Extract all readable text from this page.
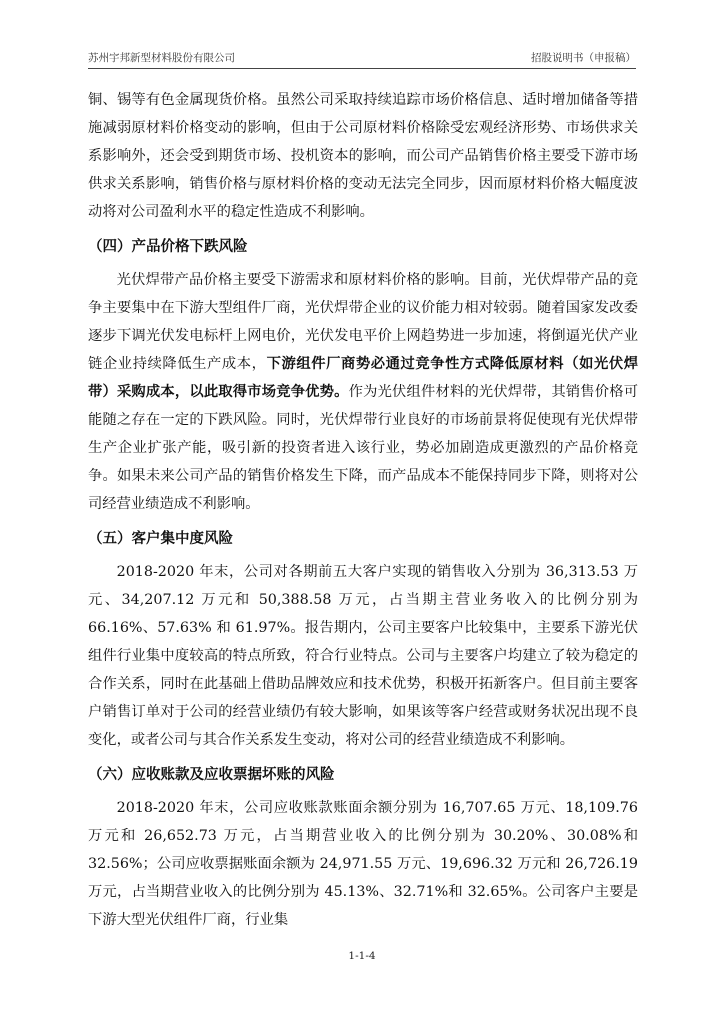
苏州宇邦新型材料股份有限公司	招股说明书（申报稿）

铜、锡等有色金属现货价格。虽然公司采取持续追踪市场价格信息、适时增加储备等措施减弱原材料价格变动的影响，但由于公司原材料价格除受宏观经济形势、市场供求关系影响外，还会受到期货市场、投机资本的影响，而公司产品销售价格主要受下游市场供求关系影响，销售价格与原材料价格的变动无法完全同步，因而原材料价格大幅度波动将对公司盈利水平的稳定性造成不利影响。

（四）产品价格下跌风险

光伏焊带产品价格主要受下游需求和原材料价格的影响。目前，光伏焊带产品的竞争主要集中在下游大型组件厂商，光伏焊带企业的议价能力相对较弱。随着国家发改委逐步下调光伏发电标杆上网电价，光伏发电平价上网趋势进一步加速，将倒逼光伏产业链企业持续降低生产成本，下游组件厂商势必通过竞争性方式降低原材料（如光伏焊带）采购成本，以此取得市场竞争优势。作为光伏组件材料的光伏焊带，其销售价格可能随之存在一定的下跌风险。同时，光伏焊带行业良好的市场前景将促使现有光伏焊带生产企业扩张产能，吸引新的投资者进入该行业，势必加剧造成更激烈的产品价格竞争。如果未来公司产品的销售价格发生下降，而产品成本不能保持同步下降，则将对公司经营业绩造成不利影响。

（五）客户集中度风险

2018-2020 年末，公司对各期前五大客户实现的销售收入分别为 36,313.53 万元、34,207.12 万元和 50,388.58 万元，占当期主营业务收入的比例分别为 66.16%、57.63% 和 61.97%。报告期内，公司主要客户比较集中，主要系下游光伏组件行业集中度较高的特点所致，符合行业特点。公司与主要客户均建立了较为稳定的合作关系，同时在此基础上借助品牌效应和技术优势，积极开拓新客户。但目前主要客户销售订单对于公司的经营业绩仍有较大影响，如果该等客户经营或财务状况出现不良变化，或者公司与其合作关系发生变动，将对公司的经营业绩造成不利影响。

（六）应收账款及应收票据坏账的风险

2018-2020 年末，公司应收账款账面余额分别为 16,707.65 万元、18,109.76 万元和 26,652.73 万元，占当期营业收入的比例分别为 30.20%、30.08%和 32.56%；公司应收票据账面余额为 24,971.55 万元、19,696.32 万元和 26,726.19 万元，占当期营业收入的比例分别为 45.13%、32.71%和 32.65%。公司客户主要是下游大型光伏组件厂商，行业集

1-1-4
